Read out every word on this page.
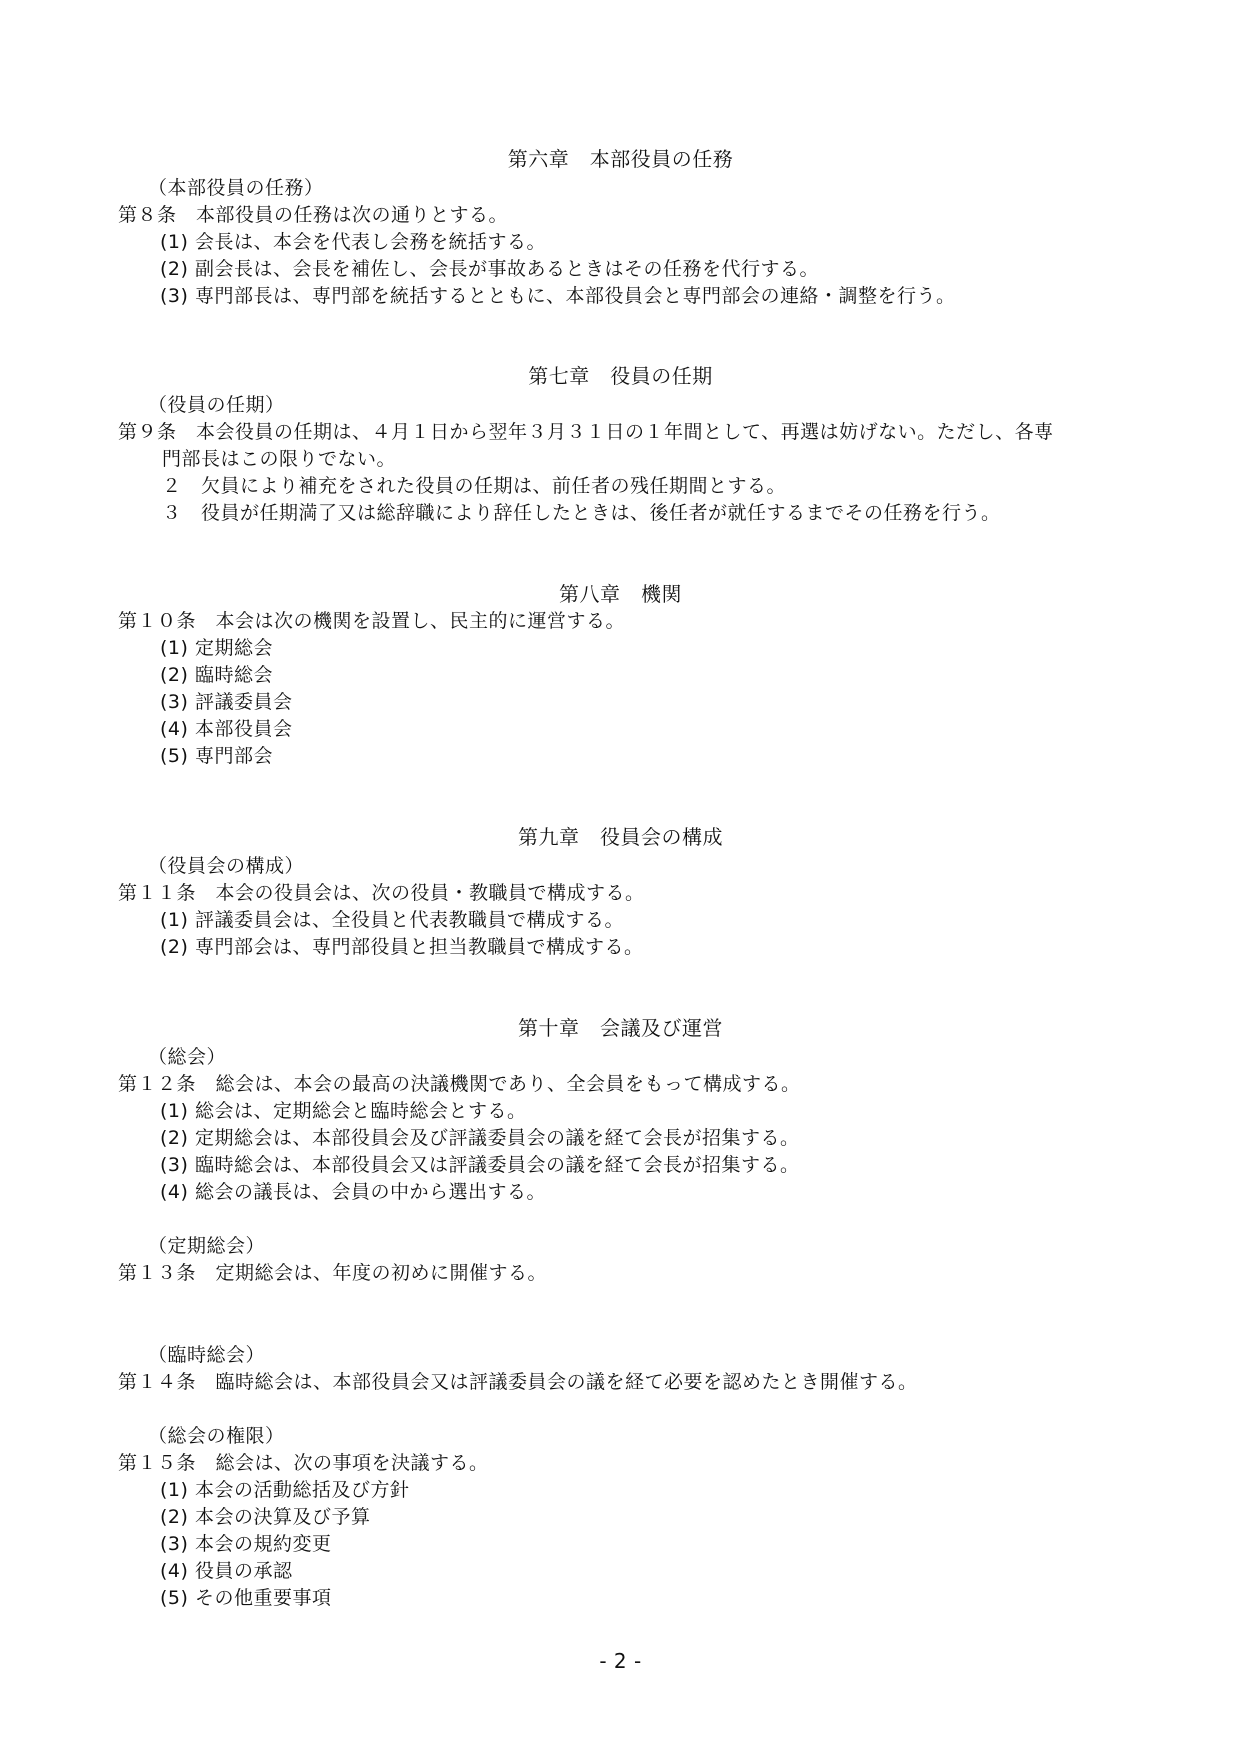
第六章　本部役員の任務
（本部役員の任務）
第８条　本部役員の任務は次の通りとする。
(1) 会長は、本会を代表し会務を統括する。
(2) 副会長は、会長を補佐し、会長が事故あるときはその任務を代行する。
(3) 専門部長は、専門部を統括するとともに、本部役員会と専門部会の連絡・調整を行う。
第七章　役員の任期
（役員の任期）
第９条　本会役員の任期は、４月１日から翌年３月３１日の１年間として、再選は妨げない。ただし、各専
門部長はこの限りでない。
２　欠員により補充をされた役員の任期は、前任者の残任期間とする。
３　役員が任期満了又は総辞職により辞任したときは、後任者が就任するまでその任務を行う。
第八章　機関
第１０条　本会は次の機関を設置し、民主的に運営する。
(1) 定期総会
(2) 臨時総会
(3) 評議委員会
(4) 本部役員会
(5) 専門部会
第九章　役員会の構成
（役員会の構成）
第１１条　本会の役員会は、次の役員・教職員で構成する。
(1) 評議委員会は、全役員と代表教職員で構成する。
(2) 専門部会は、専門部役員と担当教職員で構成する。
第十章　会議及び運営
（総会）
第１２条　総会は、本会の最高の決議機関であり、全会員をもって構成する。
(1) 総会は、定期総会と臨時総会とする。
(2) 定期総会は、本部役員会及び評議委員会の議を経て会長が招集する。
(3) 臨時総会は、本部役員会又は評議委員会の議を経て会長が招集する。
(4) 総会の議長は、会員の中から選出する。
（定期総会）
第１３条　定期総会は、年度の初めに開催する。
（臨時総会）
第１４条　臨時総会は、本部役員会又は評議委員会の議を経て必要を認めたとき開催する。
（総会の権限）
第１５条　総会は、次の事項を決議する。
(1) 本会の活動総括及び方針
(2) 本会の決算及び予算
(3) 本会の規約変更
(4) 役員の承認
(5) その他重要事項
- 2 -
